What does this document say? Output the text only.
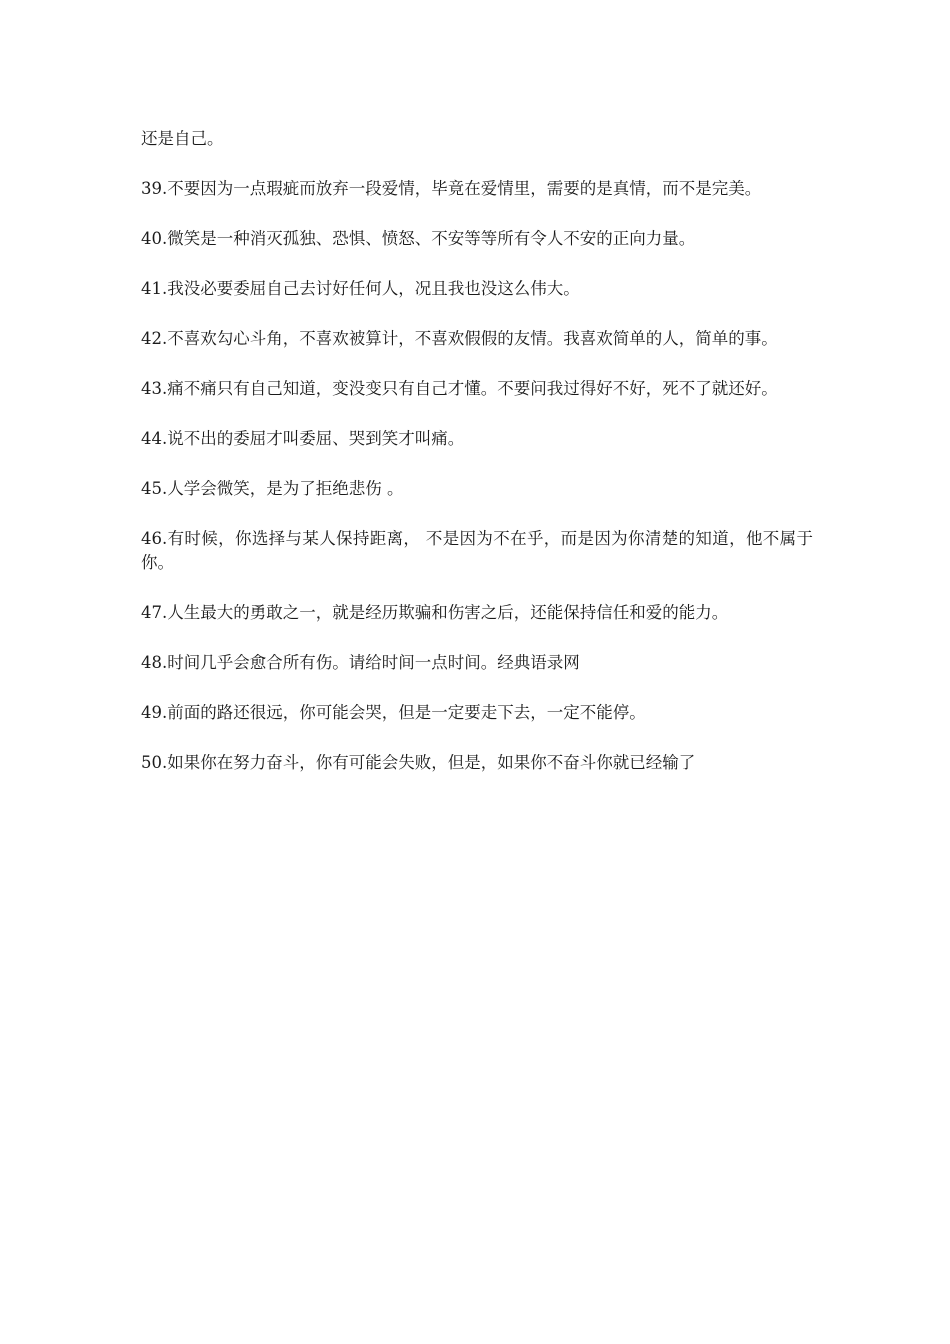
还是自己。

39.不要因为一点瑕疵而放弃一段爱情，毕竟在爱情里，需要的是真情，而不是完美。

40.微笑是一种消灭孤独、恐惧、愤怒、不安等等所有令人不安的正向力量。

41.我没必要委屈自己去讨好任何人，况且我也没这么伟大。

42.不喜欢勾心斗角，不喜欢被算计，不喜欢假假的友情。我喜欢简单的人，简单的事。

43.痛不痛只有自己知道，变没变只有自己才懂。不要问我过得好不好，死不了就还好。

44.说不出的委屈才叫委屈、哭到笑才叫痛。

45.人学会微笑，是为了拒绝悲伤 。

46.有时候，你选择与某人保持距离， 不是因为不在乎，而是因为你清楚的知道，他不属于你。

47.人生最大的勇敢之一，就是经历欺骗和伤害之后，还能保持信任和爱的能力。

48.时间几乎会愈合所有伤。请给时间一点时间。经典语录网

49.前面的路还很远，你可能会哭，但是一定要走下去，一定不能停。

50.如果你在努力奋斗，你有可能会失败，但是，如果你不奋斗你就已经输了
